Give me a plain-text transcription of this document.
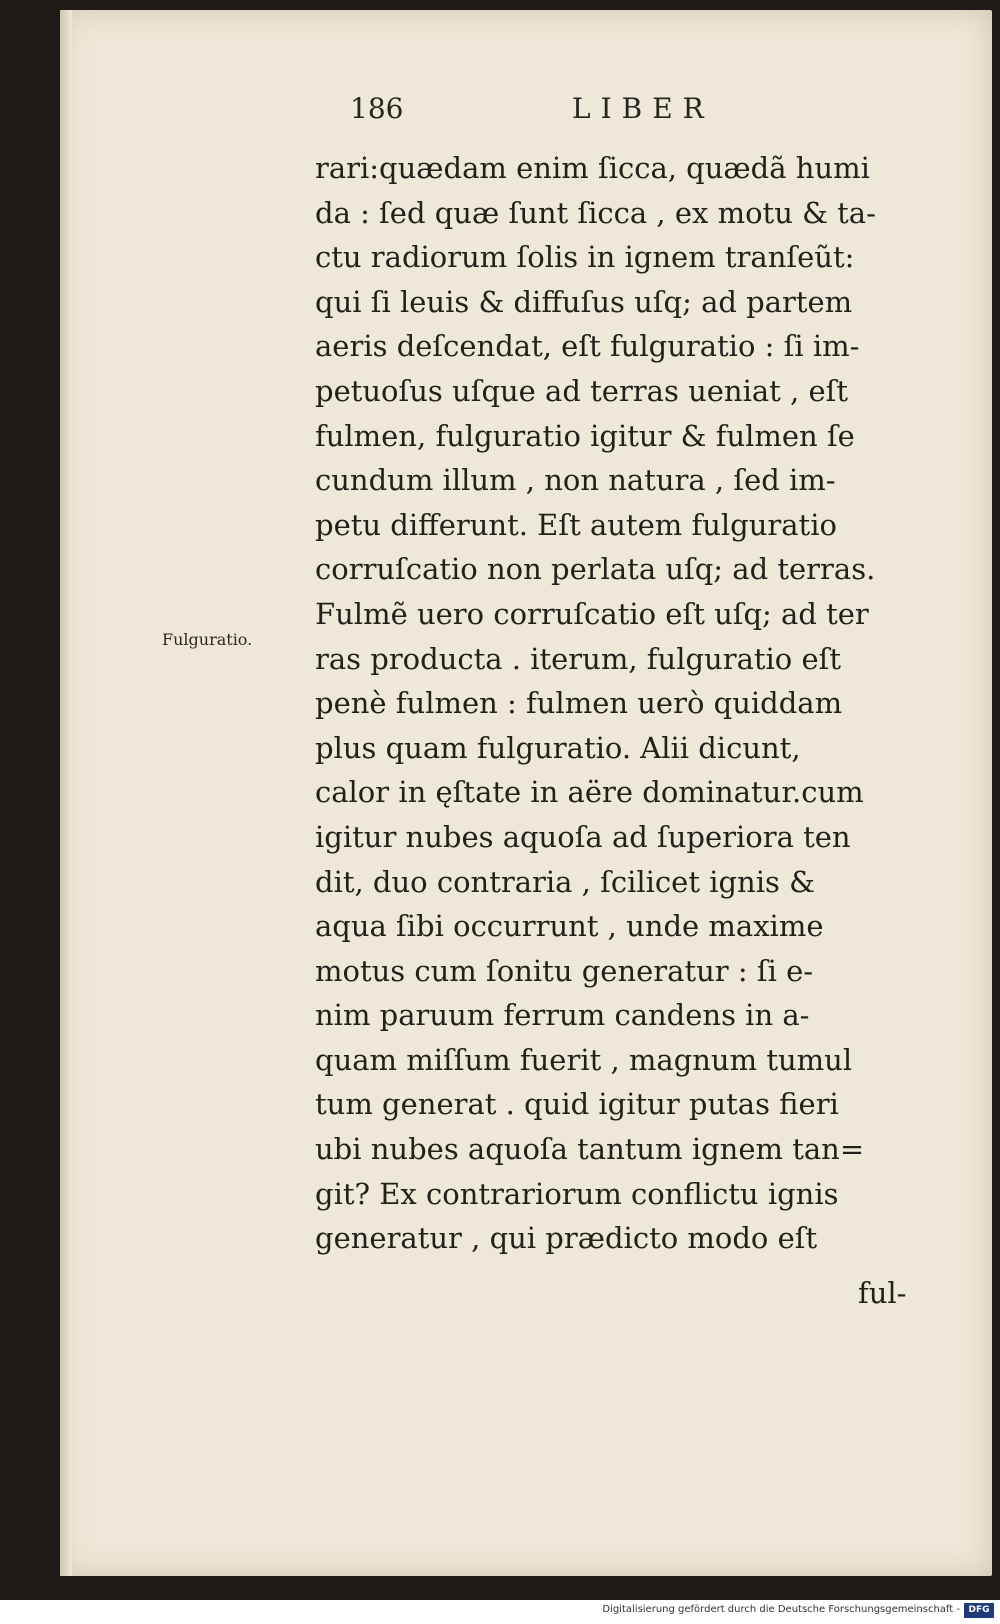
186	LIBER
Fulguratio.
rari:quædam enim ſicca, quædã humi
da : ſed quæ ſunt ſicca , ex motu & ta-
ctu radiorum ſolis in ignem tranſeũt:
qui ſi leuis & diffuſus uſq; ad partem
aeris deſcendat, eſt fulguratio : ſi im-
petuoſus uſque ad terras ueniat , eſt
fulmen, fulguratio igitur & fulmen ſe
cundum illum , non natura , ſed im-
petu differunt. Eſt autem fulguratio
corruſcatio non perlata uſq; ad terras.
Fulmẽ uero corruſcatio eſt uſq; ad ter
ras producta . iterum, fulguratio eſt
penè fulmen : fulmen uerò quiddam
plus quam fulguratio. Alii dicunt,
calor in ęſtate in aëre dominatur.cum
igitur nubes aquoſa ad ſuperiora ten
dit, duo contraria , ſcilicet ignis &
aqua ſibi occurrunt , unde maxime
motus cum ſonitu generatur : ſi e-
nim paruum ferrum candens in a-
quam miſſum fuerit , magnum tumul
tum generat . quid igitur putas fieri
ubi nubes aquoſa tantum ignem tan=
git? Ex contrariorum conflictu ignis
generatur , qui prædicto modo eſt
ful-
Digitalisierung gefördert durch die Deutsche Forschungsgemeinschaft - DFG
